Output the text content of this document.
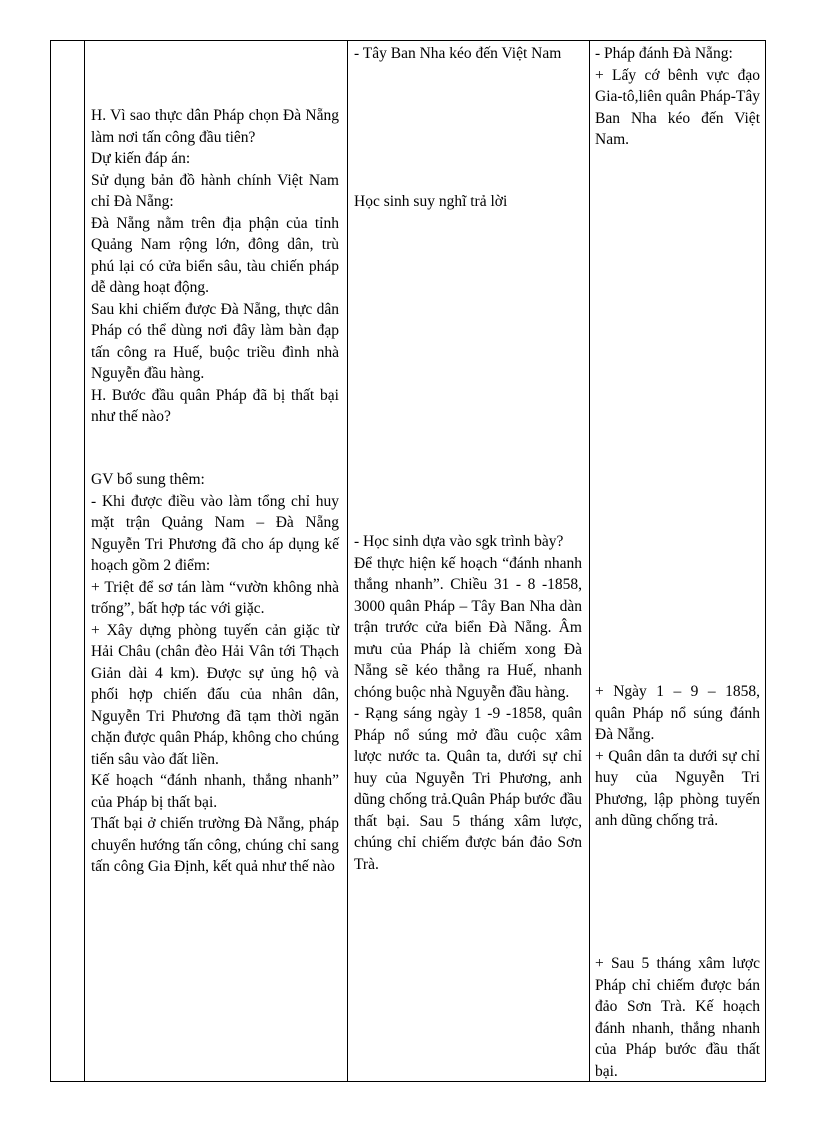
H. Vì sao thực dân Pháp chọn Đà Nẵng làm nơi tấn công đầu tiên?

Dự kiến đáp án:

Sử dụng bản đồ hành chính Việt Nam chỉ Đà Nẵng:

Đà Nẵng nằm trên địa phận của tỉnh Quảng Nam rộng lớn, đông dân, trù phú lại có cửa biển sâu, tàu chiến pháp dễ dàng hoạt động.

Sau khi chiếm được Đà Nẵng, thực dân Pháp có thể dùng nơi đây làm bàn đạp tấn công ra Huế, buộc triều đình nhà Nguyễn đầu hàng.

H. Bước đầu quân Pháp đã bị thất bại như thế nào?

GV bổ sung thêm:

- Khi được điều vào làm tổng chỉ huy mặt trận Quảng Nam – Đà Nẵng Nguyễn Tri Phương đã cho áp dụng kế hoạch gồm 2 điểm:

+ Triệt để sơ tán làm “vườn không nhà trống”, bất hợp tác với giặc.

+ Xây dựng phòng tuyến cản giặc từ Hải Châu (chân đèo Hải Vân tới Thạch Giản dài 4 km). Được sự ủng hộ và phối hợp chiến đấu của nhân dân, Nguyễn Tri Phương đã tạm thời ngăn chặn được quân Pháp, không cho chúng tiến sâu vào đất liền.

Kế hoạch “đánh nhanh, thắng nhanh” của Pháp bị thất bại.

Thất bại ở chiến trường Đà Nẵng, pháp chuyển hướng tấn công, chúng chỉ sang tấn công Gia Định, kết quả như thế nào

- Tây Ban Nha kéo đến Việt Nam

Học sinh suy nghĩ trả lời

- Học sinh dựa vào sgk trình bày?

Để thực hiện kế hoạch “đánh nhanh thắng nhanh”. Chiều 31 - 8 -1858, 3000 quân Pháp – Tây Ban Nha dàn trận trước cửa biển Đà Nẵng. Âm mưu của Pháp là chiếm xong Đà Nẵng sẽ kéo thẳng ra Huế, nhanh chóng buộc nhà Nguyễn đầu hàng.

- Rạng sáng ngày 1 -9 -1858, quân Pháp nổ súng mở đầu cuộc xâm lược nước ta. Quân ta, dưới sự chỉ huy của Nguyễn Tri Phương, anh dũng chống trả.Quân Pháp bước đầu thất bại. Sau 5 tháng xâm lược, chúng chỉ chiếm được bán đảo Sơn Trà.

- Pháp đánh Đà Nẵng:

+ Lấy cớ bênh vực đạo Gia-tô,liên quân Pháp-Tây Ban Nha kéo đến Việt Nam.

+ Ngày 1 – 9 – 1858, quân Pháp nổ súng đánh Đà Nẵng.

+ Quân dân ta dưới sự chỉ huy của Nguyễn Tri Phương, lập phòng tuyến anh dũng chống trả.

+ Sau 5 tháng xâm lược Pháp chỉ chiếm được bán đảo Sơn Trà. Kế hoạch đánh nhanh, thắng nhanh của Pháp bước đầu thất bại.
